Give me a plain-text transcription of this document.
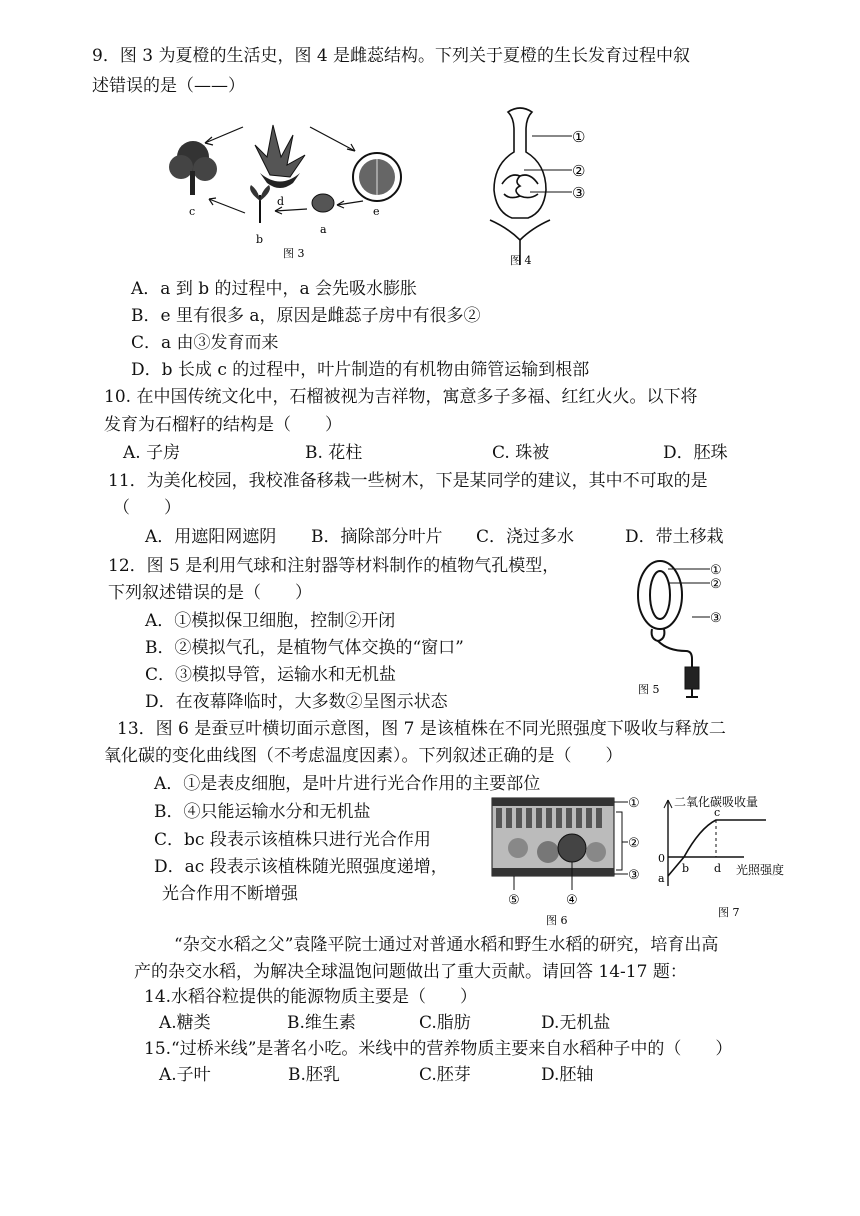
9．图 3 为夏橙的生活史，图 4 是雌蕊结构。下列关于夏橙的生长发育过程中叙
述错误的是（——）
c
d
e
a
b
图 3
①
②
③
图 4
A．a 到 b 的过程中，a 会先吸水膨胀
B．e 里有很多 a，原因是雌蕊子房中有很多②
C．a 由③发育而来
D．b 长成 c 的过程中，叶片制造的有机物由筛管运输到根部
10. 在中国传统文化中，石榴被视为吉祥物，寓意多子多福、红红火火。以下将
发育为石榴籽的结构是（　　）
A. 子房	B. 花柱	C. 珠被	D．胚珠
11．为美化校园，我校准备移栽一些树木，下是某同学的建议，其中不可取的是
（　　）
A．用遮阳网遮阴 B．摘除部分叶片 C．浇过多水	D．带土移栽
12．图 5 是利用气球和注射器等材料制作的植物气孔模型，
下列叙述错误的是（　　）
A．①模拟保卫细胞，控制②开闭
B．②模拟气孔，是植物气体交换的“窗口”
C．③模拟导管，运输水和无机盐
D．在夜幕降临时，大多数②呈图示状态
①
②
③
图 5
13．图 6 是蚕豆叶横切面示意图，图 7 是该植株在不同光照强度下吸收与释放二
氧化碳的变化曲线图（不考虑温度因素）。下列叙述正确的是（　　）
A．①是表皮细胞，是叶片进行光合作用的主要部位
B．④只能运输水分和无机盐
C．bc 段表示该植株只进行光合作用
D．ac 段表示该植株随光照强度递增，
光合作用不断增强
①
②
③
④
⑤
图 6
二氧化碳吸收量
0
a
b
c
d 光照强度
图 7
“杂交水稻之父”袁隆平院士通过对普通水稻和野生水稻的研究，培育出高
产的杂交水稻，为解决全球温饱问题做出了重大贡献。请回答 14-17 题：
14.水稻谷粒提供的能源物质主要是（　　）
A.糖类	B.维生素	C.脂肪	D.无机盐
15.“过桥米线”是著名小吃。米线中的营养物质主要来自水稻种子中的（　　）
A.子叶	B.胚乳	C.胚芽	D.胚轴
